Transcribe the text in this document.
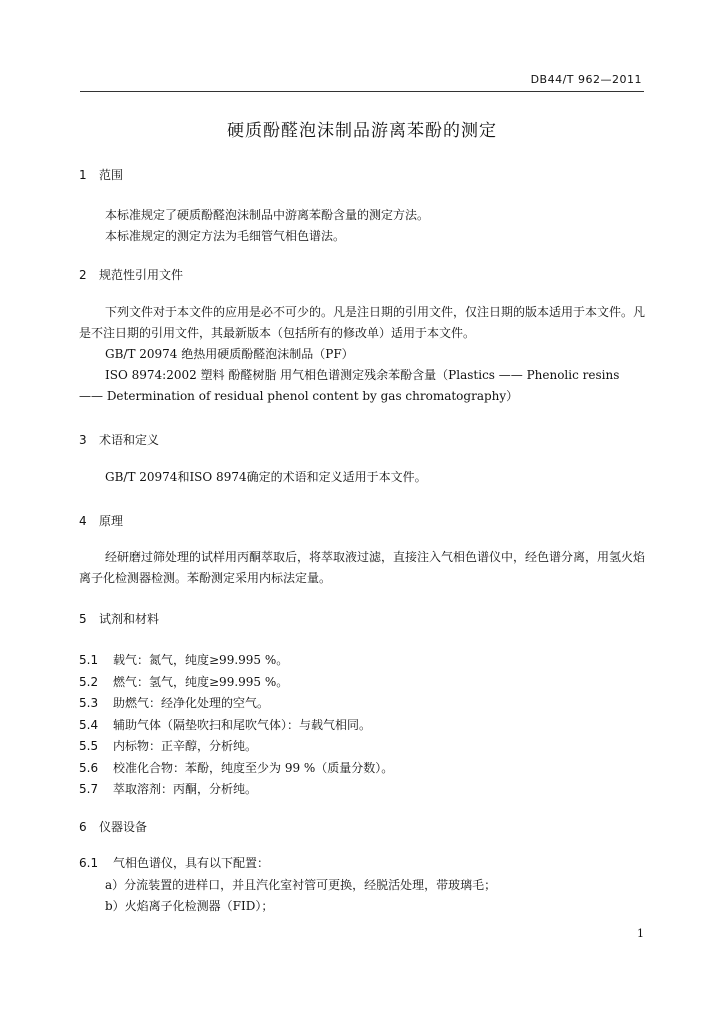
DB44/T 962—2011
硬质酚醛泡沫制品游离苯酚的测定
1 范围

本标准规定了硬质酚醛泡沫制品中游离苯酚含量的测定方法。

本标准规定的测定方法为毛细管气相色谱法。

2 规范性引用文件

下列文件对于本文件的应用是必不可少的。凡是注日期的引用文件，仅注日期的版本适用于本文件。凡是不注日期的引用文件，其最新版本（包括所有的修改单）适用于本文件。

GB/T 20974 绝热用硬质酚醛泡沫制品（PF）

ISO 8974:2002 塑料 酚醛树脂 用气相色谱测定残余苯酚含量（Plastics —— Phenolic resins —— Determination of residual phenol content by gas chromatography）

3 术语和定义

GB/T 20974和ISO 8974确定的术语和定义适用于本文件。

4 原理

经研磨过筛处理的试样用丙酮萃取后，将萃取液过滤，直接注入气相色谱仪中，经色谱分离，用氢火焰离子化检测器检测。苯酚测定采用内标法定量。

5 试剂和材料
5.1 载气：氮气，纯度≥99.995 %。
5.2 燃气：氢气，纯度≥99.995 %。
5.3 助燃气：经净化处理的空气。
5.4 辅助气体（隔垫吹扫和尾吹气体）：与载气相同。
5.5 内标物：正辛醇，分析纯。
5.6 校准化合物：苯酚，纯度至少为 99 %（质量分数）。
5.7 萃取溶剂：丙酮，分析纯。
6 仪器设备
6.1 气相色谱仪，具有以下配置：
a）分流装置的进样口，并且汽化室衬管可更换，经脱活处理，带玻璃毛；
b）火焰离子化检测器（FID）；
1
